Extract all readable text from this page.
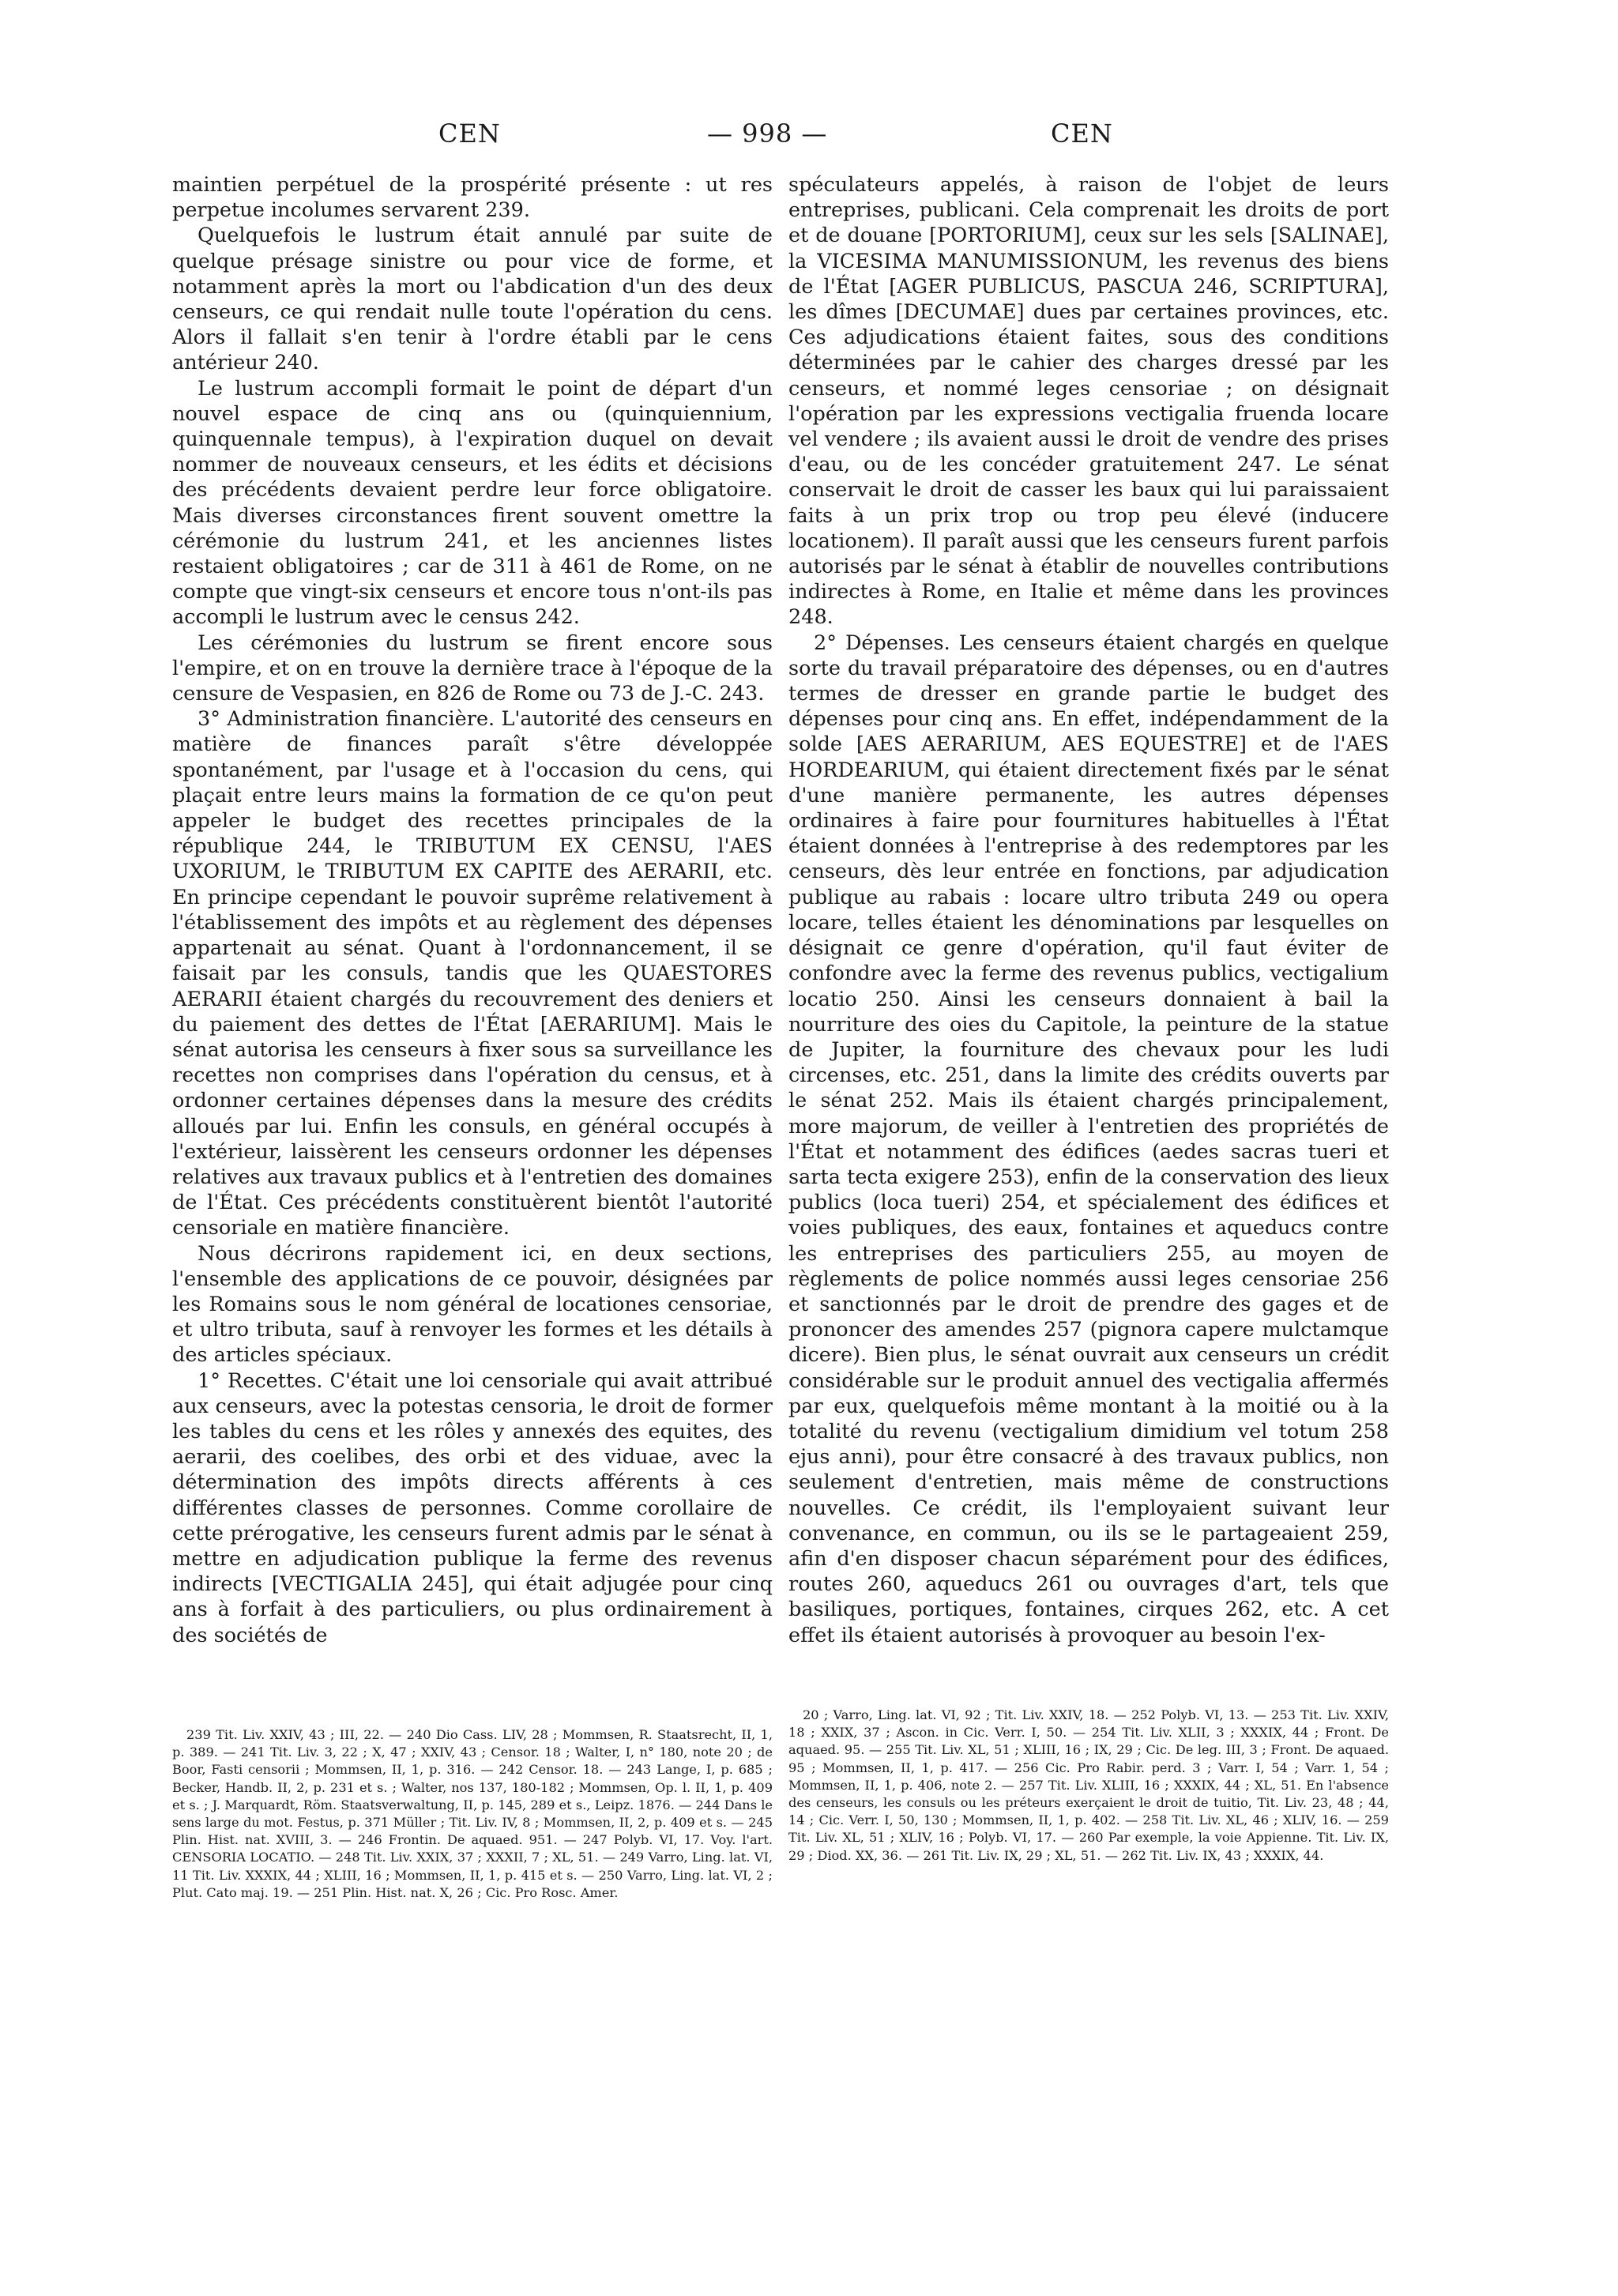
CEN	— 998 —	CEN

maintien perpétuel de la prospérité présente : ut res perpetue incolumes servarent 239.

Quelquefois le lustrum était annulé par suite de quelque présage sinistre ou pour vice de forme, et notamment après la mort ou l'abdication d'un des deux censeurs, ce qui rendait nulle toute l'opération du cens. Alors il fallait s'en tenir à l'ordre établi par le cens antérieur 240.

Le lustrum accompli formait le point de départ d'un nouvel espace de cinq ans ou (quinquiennium, quinquennale tempus), à l'expiration duquel on devait nommer de nouveaux censeurs, et les édits et décisions des précédents devaient perdre leur force obligatoire. Mais diverses circonstances firent souvent omettre la cérémonie du lustrum 241, et les anciennes listes restaient obligatoires ; car de 311 à 461 de Rome, on ne compte que vingt-six censeurs et encore tous n'ont-ils pas accompli le lustrum avec le census 242.

Les cérémonies du lustrum se firent encore sous l'empire, et on en trouve la dernière trace à l'époque de la censure de Vespasien, en 826 de Rome ou 73 de J.-C. 243.

3° Administration financière. L'autorité des censeurs en matière de finances paraît s'être développée spontanément, par l'usage et à l'occasion du cens, qui plaçait entre leurs mains la formation de ce qu'on peut appeler le budget des recettes principales de la république 244, le TRIBUTUM EX CENSU, l'AES UXORIUM, le TRIBUTUM EX CAPITE des AERARII, etc. En principe cependant le pouvoir suprême relativement à l'établissement des impôts et au règlement des dépenses appartenait au sénat. Quant à l'ordonnancement, il se faisait par les consuls, tandis que les QUAESTORES AERARII étaient chargés du recouvrement des deniers et du paiement des dettes de l'État [AERARIUM]. Mais le sénat autorisa les censeurs à fixer sous sa surveillance les recettes non comprises dans l'opération du census, et à ordonner certaines dépenses dans la mesure des crédits alloués par lui. Enfin les consuls, en général occupés à l'extérieur, laissèrent les censeurs ordonner les dépenses relatives aux travaux publics et à l'entretien des domaines de l'État. Ces précédents constituèrent bientôt l'autorité censoriale en matière financière.

Nous décrirons rapidement ici, en deux sections, l'ensemble des applications de ce pouvoir, désignées par les Romains sous le nom général de locationes censoriae, et ultro tributa, sauf à renvoyer les formes et les détails à des articles spéciaux.

1° Recettes. C'était une loi censoriale qui avait attribué aux censeurs, avec la potestas censoria, le droit de former les tables du cens et les rôles y annexés des equites, des aerarii, des coelibes, des orbi et des viduae, avec la détermination des impôts directs afférents à ces différentes classes de personnes. Comme corollaire de cette prérogative, les censeurs furent admis par le sénat à mettre en adjudication publique la ferme des revenus indirects [VECTIGALIA 245], qui était adjugée pour cinq ans à forfait à des particuliers, ou plus ordinairement à des sociétés de

spéculateurs appelés, à raison de l'objet de leurs entreprises, publicani. Cela comprenait les droits de port et de douane [PORTORIUM], ceux sur les sels [SALINAE], la VICESIMA MANUMISSIONUM, les revenus des biens de l'État [AGER PUBLICUS, PASCUA 246, SCRIPTURA], les dîmes [DECUMAE] dues par certaines provinces, etc. Ces adjudications étaient faites, sous des conditions déterminées par le cahier des charges dressé par les censeurs, et nommé leges censoriae ; on désignait l'opération par les expressions vectigalia fruenda locare vel vendere ; ils avaient aussi le droit de vendre des prises d'eau, ou de les concéder gratuitement 247. Le sénat conservait le droit de casser les baux qui lui paraissaient faits à un prix trop ou trop peu élevé (inducere locationem). Il paraît aussi que les censeurs furent parfois autorisés par le sénat à établir de nouvelles contributions indirectes à Rome, en Italie et même dans les provinces 248.

2° Dépenses. Les censeurs étaient chargés en quelque sorte du travail préparatoire des dépenses, ou en d'autres termes de dresser en grande partie le budget des dépenses pour cinq ans. En effet, indépendamment de la solde [AES AERARIUM, AES EQUESTRE] et de l'AES HORDEARIUM, qui étaient directement fixés par le sénat d'une manière permanente, les autres dépenses ordinaires à faire pour fournitures habituelles à l'État étaient données à l'entreprise à des redemptores par les censeurs, dès leur entrée en fonctions, par adjudication publique au rabais : locare ultro tributa 249 ou opera locare, telles étaient les dénominations par lesquelles on désignait ce genre d'opération, qu'il faut éviter de confondre avec la ferme des revenus publics, vectigalium locatio 250. Ainsi les censeurs donnaient à bail la nourriture des oies du Capitole, la peinture de la statue de Jupiter, la fourniture des chevaux pour les ludi circenses, etc. 251, dans la limite des crédits ouverts par le sénat 252. Mais ils étaient chargés principalement, more majorum, de veiller à l'entretien des propriétés de l'État et notamment des édifices (aedes sacras tueri et sarta tecta exigere 253), enfin de la conservation des lieux publics (loca tueri) 254, et spécialement des édifices et voies publiques, des eaux, fontaines et aqueducs contre les entreprises des particuliers 255, au moyen de règlements de police nommés aussi leges censoriae 256 et sanctionnés par le droit de prendre des gages et de prononcer des amendes 257 (pignora capere mulctamque dicere). Bien plus, le sénat ouvrait aux censeurs un crédit considérable sur le produit annuel des vectigalia affermés par eux, quelquefois même montant à la moitié ou à la totalité du revenu (vectigalium dimidium vel totum 258 ejus anni), pour être consacré à des travaux publics, non seulement d'entretien, mais même de constructions nouvelles. Ce crédit, ils l'employaient suivant leur convenance, en commun, ou ils se le partageaient 259, afin d'en disposer chacun séparément pour des édifices, routes 260, aqueducs 261 ou ouvrages d'art, tels que basiliques, portiques, fontaines, cirques 262, etc. A cet effet ils étaient autorisés à provoquer au besoin l'ex-

239 Tit. Liv. XXIV, 43 ; III, 22. — 240 Dio Cass. LIV, 28 ; Mommsen, R. Staatsrecht, II, 1, p. 389. — 241 Tit. Liv. 3, 22 ; X, 47 ; XXIV, 43 ; Censor. 18 ; Walter, I, n° 180, note 20 ; de Boor, Fasti censorii ; Mommsen, II, 1, p. 316. — 242 Censor. 18. — 243 Lange, I, p. 685 ; Becker, Handb. II, 2, p. 231 et s. ; Walter, nos 137, 180-182 ; Mommsen, Op. l. II, 1, p. 409 et s. ; J. Marquardt, Röm. Staatsverwaltung, II, p. 145, 289 et s., Leipz. 1876. — 244 Dans le sens large du mot. Festus, p. 371 Müller ; Tit. Liv. IV, 8 ; Mommsen, II, 2, p. 409 et s. — 245 Plin. Hist. nat. XVIII, 3. — 246 Frontin. De aquaed. 951. — 247 Polyb. VI, 17. Voy. l'art. CENSORIA LOCATIO. — 248 Tit. Liv. XXIX, 37 ; XXXII, 7 ; XL, 51. — 249 Varro, Ling. lat. VI, 11 Tit. Liv. XXXIX, 44 ; XLIII, 16 ; Mommsen, II, 1, p. 415 et s. — 250 Varro, Ling. lat. VI, 2 ; Plut. Cato maj. 19. — 251 Plin. Hist. nat. X, 26 ; Cic. Pro Rosc. Amer.

20 ; Varro, Ling. lat. VI, 92 ; Tit. Liv. XXIV, 18. — 252 Polyb. VI, 13. — 253 Tit. Liv. XXIV, 18 ; XXIX, 37 ; Ascon. in Cic. Verr. I, 50. — 254 Tit. Liv. XLII, 3 ; XXXIX, 44 ; Front. De aquaed. 95. — 255 Tit. Liv. XL, 51 ; XLIII, 16 ; IX, 29 ; Cic. De leg. III, 3 ; Front. De aquaed. 95 ; Mommsen, II, 1, p. 417. — 256 Cic. Pro Rabir. perd. 3 ; Varr. I, 54 ; Varr. 1, 54 ; Mommsen, II, 1, p. 406, note 2. — 257 Tit. Liv. XLIII, 16 ; XXXIX, 44 ; XL, 51. En l'absence des censeurs, les consuls ou les préteurs exerçaient le droit de tuitio, Tit. Liv. 23, 48 ; 44, 14 ; Cic. Verr. I, 50, 130 ; Mommsen, II, 1, p. 402. — 258 Tit. Liv. XL, 46 ; XLIV, 16. — 259 Tit. Liv. XL, 51 ; XLIV, 16 ; Polyb. VI, 17. — 260 Par exemple, la voie Appienne. Tit. Liv. IX, 29 ; Diod. XX, 36. — 261 Tit. Liv. IX, 29 ; XL, 51. — 262 Tit. Liv. IX, 43 ; XXXIX, 44.
